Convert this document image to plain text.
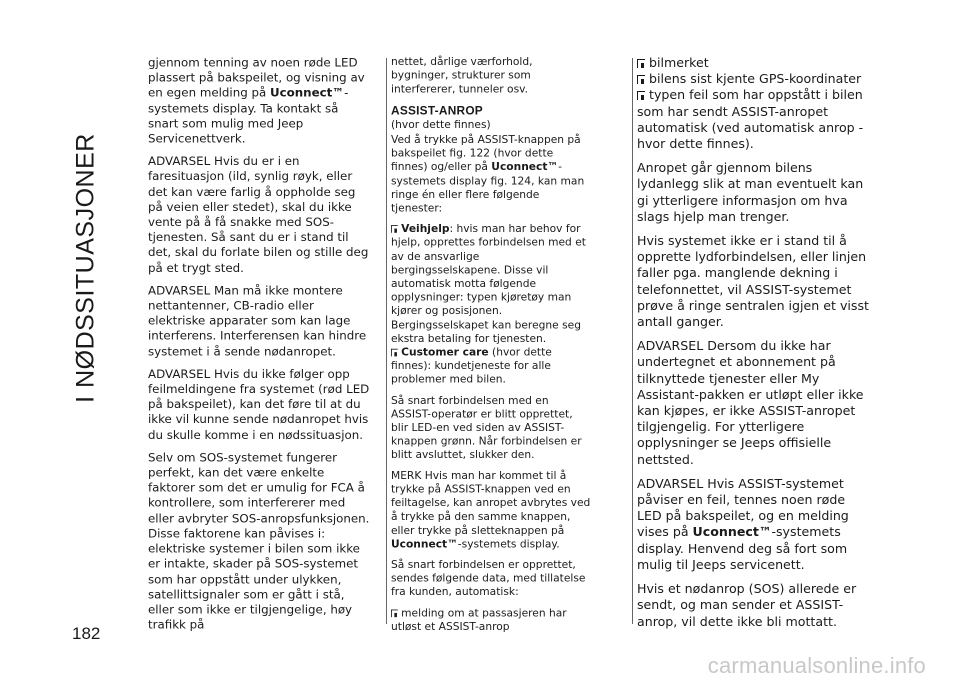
I NØDSSITUASJONER
182

gjennom tenning av noen røde LED plassert på bakspeilet, og visning av en egen melding på Uconnect™-systemets display. Ta kontakt så snart som mulig med Jeep Servicenettverk.

ADVARSEL Hvis du er i en faresituasjon (ild, synlig røyk, eller det kan være farlig å oppholde seg på veien eller stedet), skal du ikke vente på å få snakke med SOS-tjenesten. Så sant du er i stand til det, skal du forlate bilen og stille deg på et trygt sted.

ADVARSEL Man må ikke montere nettantenner, CB-radio eller elektriske apparater som kan lage interferens. Interferensen kan hindre systemet i å sende nødanropet.

ADVARSEL Hvis du ikke følger opp feilmeldingene fra systemet (rød LED på bakspeilet), kan det føre til at du ikke vil kunne sende nødanropet hvis du skulle komme i en nødssituasjon.

Selv om SOS-systemet fungerer perfekt, kan det være enkelte faktorer som det er umulig for FCA å kontrollere, som interfererer med eller avbryter SOS-anropsfunksjonen. Disse faktorene kan påvises i: elektriske systemer i bilen som ikke er intakte, skader på SOS-systemet som har oppstått under ulykken, satellittsignaler som er gått i stå, eller som ikke er tilgjengelige, høy trafikk på

nettet, dårlige værforhold, bygninger, strukturer som interfererer, tunneler osv.

ASSIST-ANROP

(hvor dette finnes)

Ved å trykke på ASSIST-knappen på bakspeilet fig. 122 (hvor dette finnes) og/eller på Uconnect™-systemets display fig. 124, kan man ringe én eller flere følgende tjenester:

Veihjelp: hvis man har behov for hjelp, opprettes forbindelsen med et av de ansvarlige bergingsselskapene. Disse vil automatisk motta følgende opplysninger: typen kjøretøy man kjører og posisjonen. Bergingsselskapet kan beregne seg ekstra betaling for tjenesten.

Customer care (hvor dette finnes): kundetjeneste for alle problemer med bilen.

Så snart forbindelsen med en ASSIST-operatør er blitt opprettet, blir LED-en ved siden av ASSIST-knappen grønn. Når forbindelsen er blitt avsluttet, slukker den.

MERK Hvis man har kommet til å trykke på ASSIST-knappen ved en feiltagelse, kan anropet avbrytes ved å trykke på den samme knappen, eller trykke på sletteknappen på Uconnect™-systemets display.

Så snart forbindelsen er opprettet, sendes følgende data, med tillatelse fra kunden, automatisk:

melding om at passasjeren har utløst et ASSIST-anrop

bilmerket
bilens sist kjente GPS-koordinater

typen feil som har oppstått i bilen som har sendt ASSIST-anropet automatisk (ved automatisk anrop - hvor dette finnes).

Anropet går gjennom bilens lydanlegg slik at man eventuelt kan gi ytterligere informasjon om hva slags hjelp man trenger.

Hvis systemet ikke er i stand til å opprette lydforbindelsen, eller linjen faller pga. manglende dekning i telefonnettet, vil ASSIST-systemet prøve å ringe sentralen igjen et visst antall ganger.

ADVARSEL Dersom du ikke har undertegnet et abonnement på tilknyttede tjenester eller My Assistant-pakken er utløpt eller ikke kan kjøpes, er ikke ASSIST-anropet tilgjengelig. For ytterligere opplysninger se Jeeps offisielle nettsted.

ADVARSEL Hvis ASSIST-systemet påviser en feil, tennes noen røde LED på bakspeilet, og en melding vises på Uconnect™-systemets display. Henvend deg så fort som mulig til Jeeps servicenett.

Hvis et nødanrop (SOS) allerede er sendt, og man sender et ASSIST-anrop, vil dette ikke bli mottatt.

carmanualsonline.info
